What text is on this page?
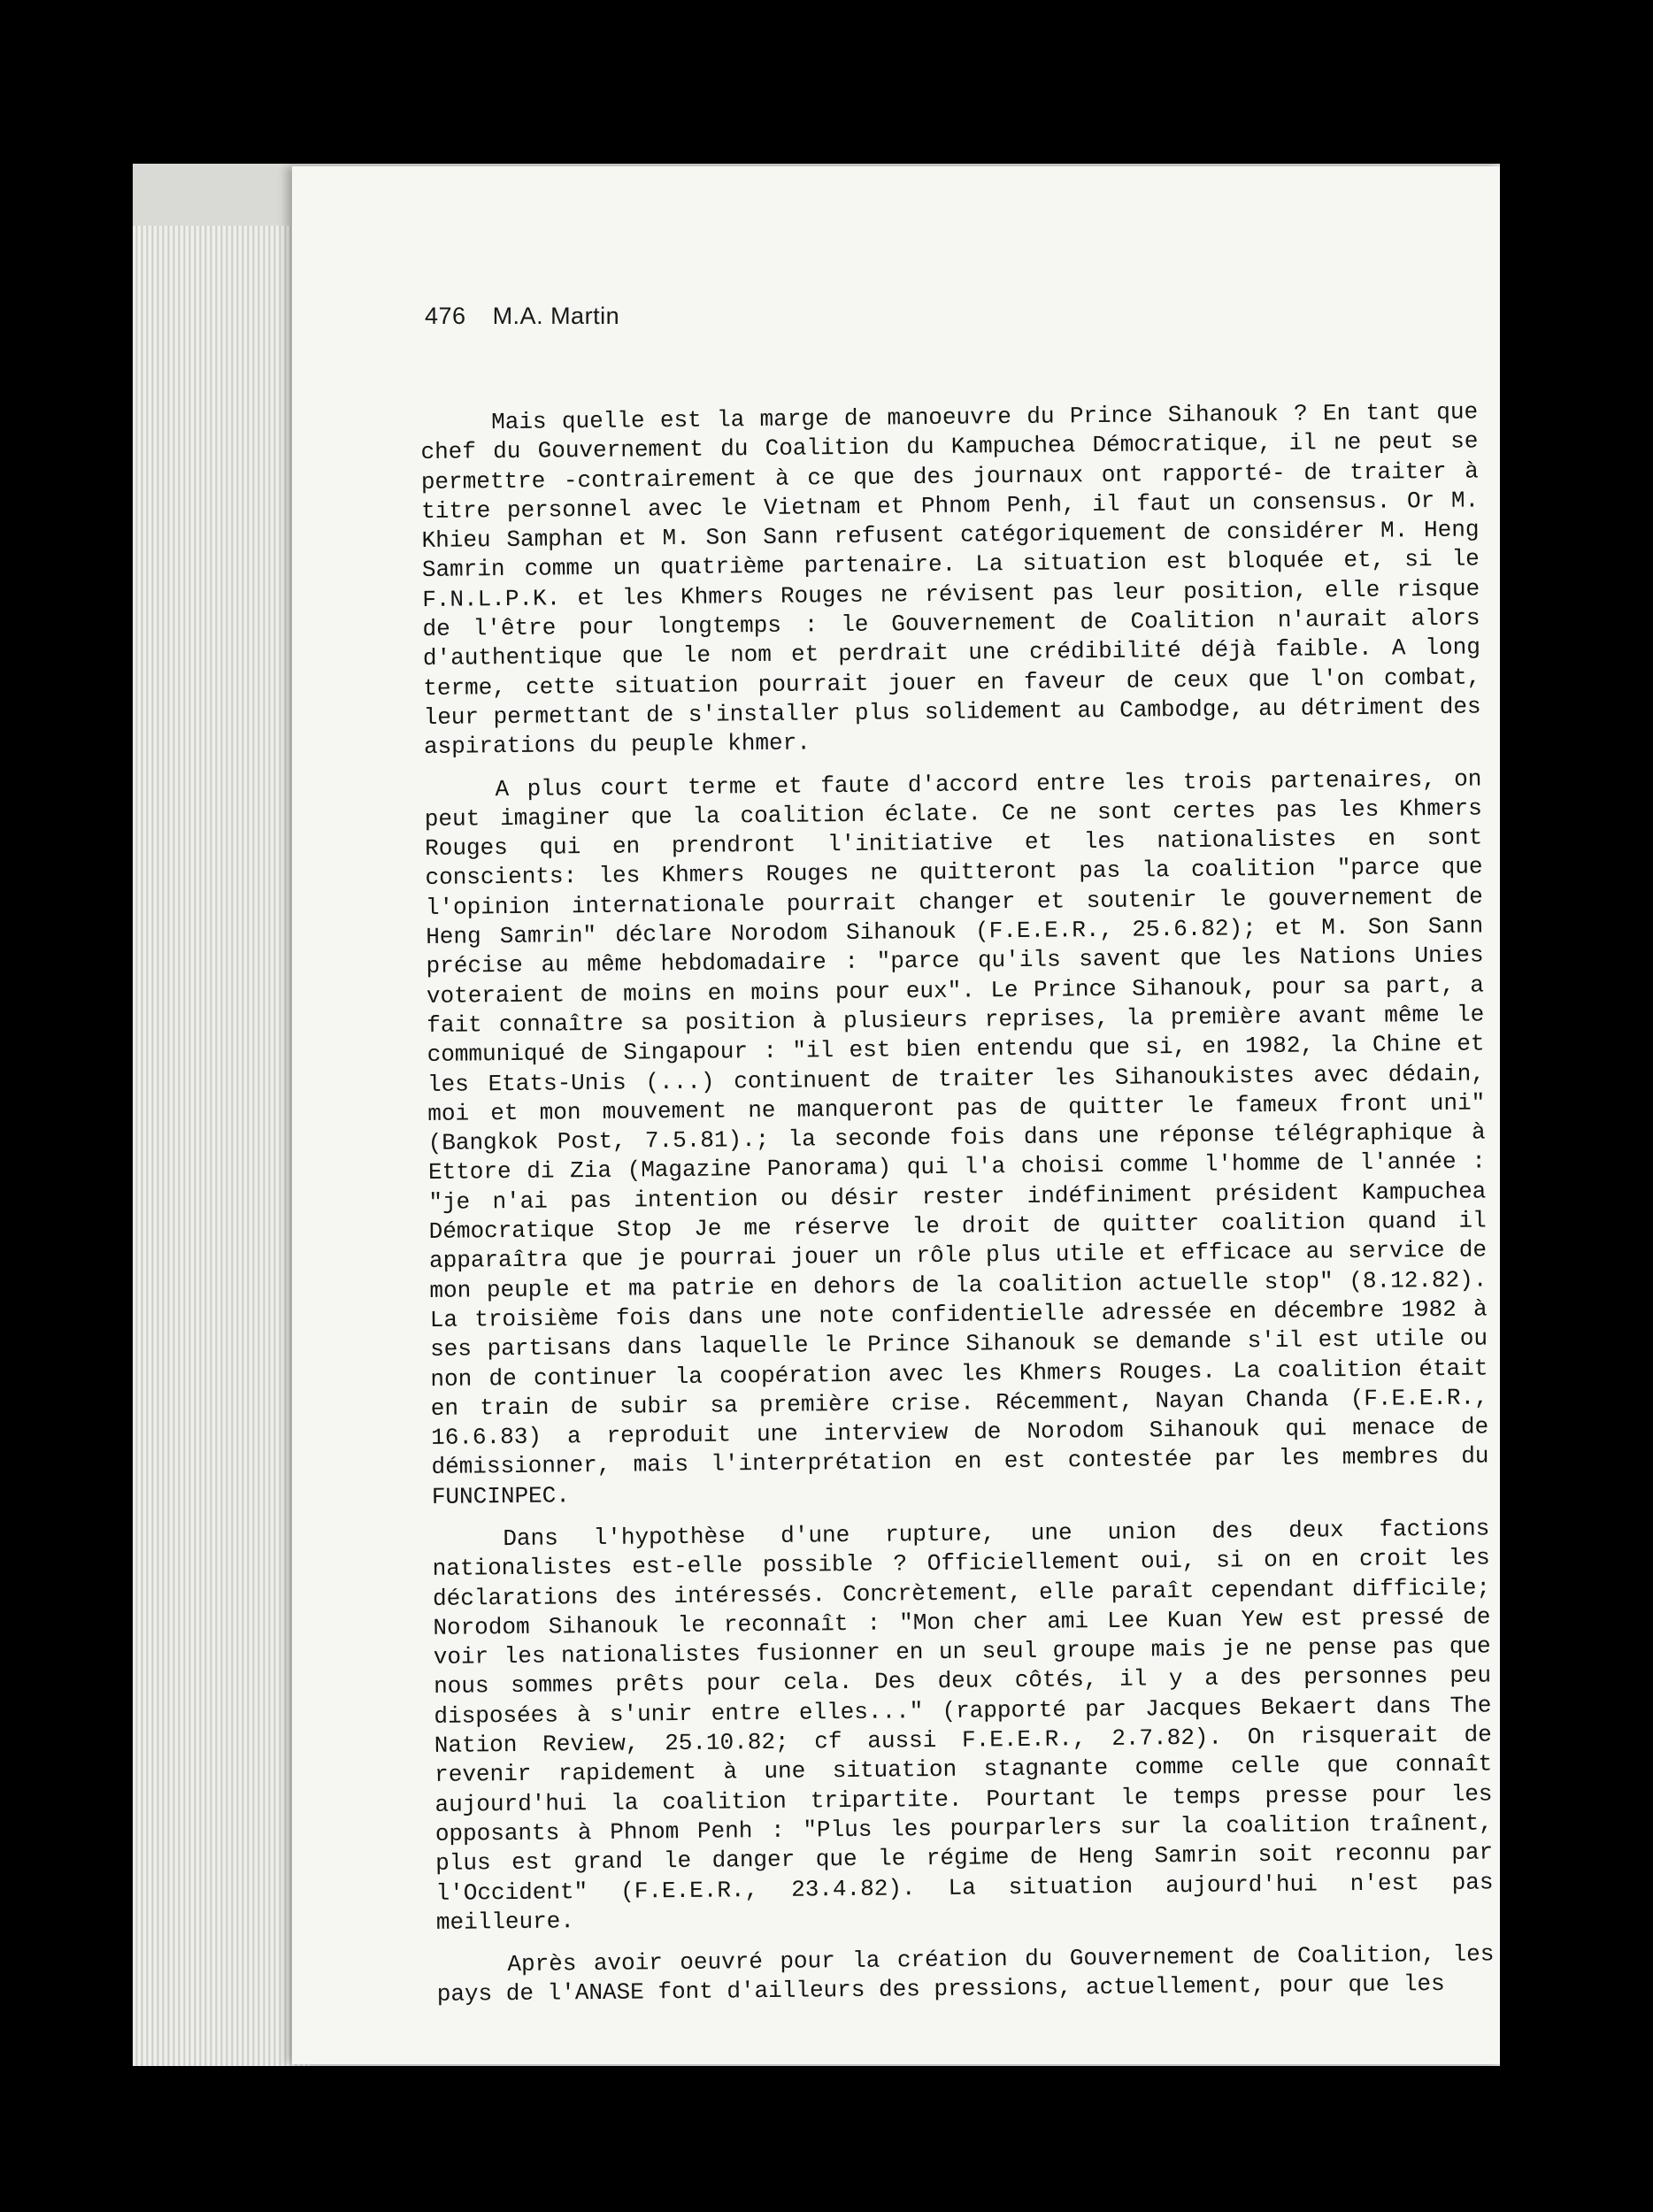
476 M.A. Martin

Mais quelle est la marge de manoeuvre du Prince Sihanouk ? En tant que chef du Gouvernement du Coalition du Kampuchea Démocratique, il ne peut se permettre -contrairement à ce que des journaux ont rapporté- de traiter à titre personnel avec le Vietnam et Phnom Penh, il faut un consensus. Or M. Khieu Samphan et M. Son Sann refusent catégoriquement de considérer M. Heng Samrin comme un quatrième partenaire. La situation est bloquée et, si le F.N.L.P.K. et les Khmers Rouges ne révisent pas leur position, elle risque de l'être pour longtemps : le Gouvernement de Coalition n'aurait alors d'authentique que le nom et perdrait une crédibilité déjà faible. A long terme, cette situation pourrait jouer en faveur de ceux que l'on combat, leur permettant de s'installer plus solidement au Cambodge, au détriment des aspirations du peuple khmer.

A plus court terme et faute d'accord entre les trois partenaires, on peut imaginer que la coalition éclate. Ce ne sont certes pas les Khmers Rouges qui en prendront l'initiative et les nationalistes en sont conscients: les Khmers Rouges ne quitteront pas la coalition "parce que l'opinion internationale pourrait changer et soutenir le gouvernement de Heng Samrin" déclare Norodom Sihanouk (F.E.E.R., 25.6.82); et M. Son Sann précise au même hebdomadaire : "parce qu'ils savent que les Nations Unies voteraient de moins en moins pour eux". Le Prince Sihanouk, pour sa part, a fait connaître sa position à plusieurs reprises, la première avant même le communiqué de Singapour : "il est bien entendu que si, en 1982, la Chine et les Etats-Unis (...) continuent de traiter les Sihanoukistes avec dédain, moi et mon mouvement ne manqueront pas de quitter le fameux front uni" (Bangkok Post, 7.5.81).; la seconde fois dans une réponse télégraphique à Ettore di Zia (Magazine Panorama) qui l'a choisi comme l'homme de l'année : "je n'ai pas intention ou désir rester indéfiniment président Kampuchea Démocratique Stop Je me réserve le droit de quitter coalition quand il apparaîtra que je pourrai jouer un rôle plus utile et efficace au service de mon peuple et ma patrie en dehors de la coalition actuelle stop" (8.12.82). La troisième fois dans une note confidentielle adressée en décembre 1982 à ses partisans dans laquelle le Prince Sihanouk se demande s'il est utile ou non de continuer la coopération avec les Khmers Rouges. La coalition était en train de subir sa première crise. Récemment, Nayan Chanda (F.E.E.R., 16.6.83) a reproduit une interview de Norodom Sihanouk qui menace de démissionner, mais l'interprétation en est contestée par les membres du FUNCINPEC.

Dans l'hypothèse d'une rupture, une union des deux factions nationalistes est-elle possible ? Officiellement oui, si on en croit les déclarations des intéressés. Concrètement, elle paraît cependant difficile; Norodom Sihanouk le reconnaît : "Mon cher ami Lee Kuan Yew est pressé de voir les nationalistes fusionner en un seul groupe mais je ne pense pas que nous sommes prêts pour cela. Des deux côtés, il y a des personnes peu disposées à s'unir entre elles..." (rapporté par Jacques Bekaert dans The Nation Review, 25.10.82; cf aussi F.E.E.R., 2.7.82). On risquerait de revenir rapidement à une situation stagnante comme celle que connaît aujourd'hui la coalition tripartite. Pourtant le temps presse pour les opposants à Phnom Penh : "Plus les pourparlers sur la coalition traînent, plus est grand le danger que le régime de Heng Samrin soit reconnu par l'Occident" (F.E.E.R., 23.4.82). La situation aujourd'hui n'est pas meilleure.

Après avoir oeuvré pour la création du Gouvernement de Coalition, les pays de l'ANASE font d'ailleurs des pressions, actuellement, pour que les
